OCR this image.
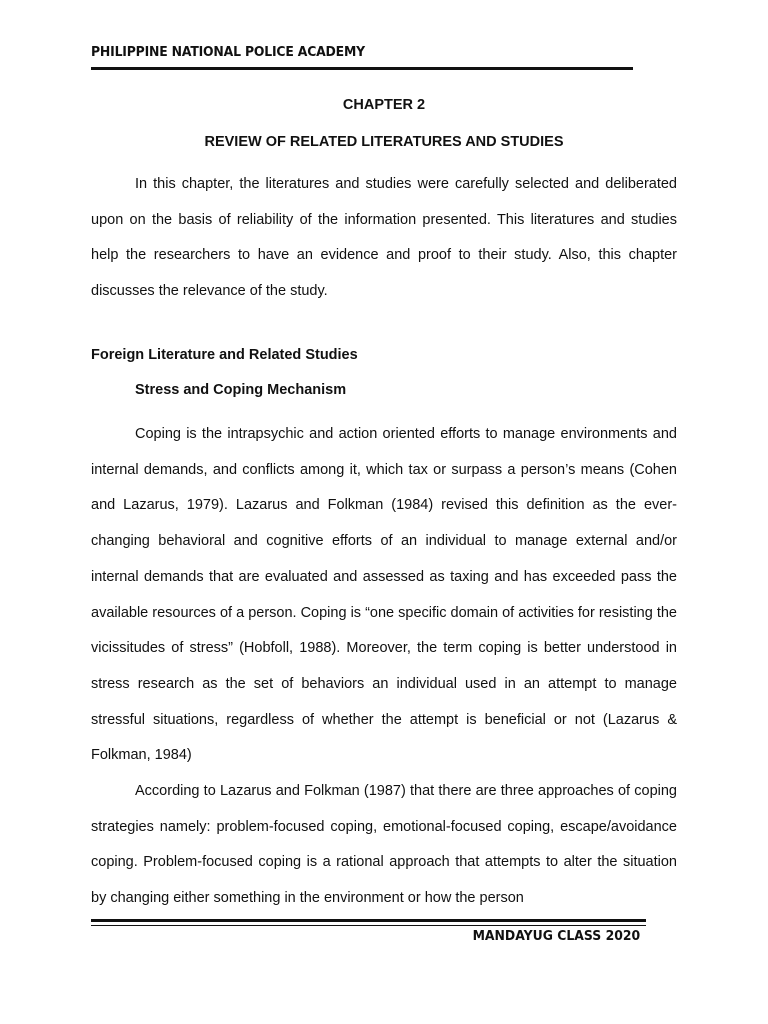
PHILIPPINE NATIONAL POLICE ACADEMY
CHAPTER 2
REVIEW OF RELATED LITERATURES AND STUDIES
In this chapter, the literatures and studies were carefully selected and deliberated upon on the basis of reliability of the information presented. This literatures and studies help the researchers to have an evidence and proof to their study. Also, this chapter discusses the relevance of the study.
Foreign Literature and Related Studies
Stress and Coping Mechanism
Coping is the intrapsychic and action oriented efforts to manage environments and internal demands, and conflicts among it, which tax or surpass a person’s means (Cohen and Lazarus, 1979). Lazarus and Folkman (1984) revised this definition as the ever-changing behavioral and cognitive efforts of an individual to manage external and/or internal demands that are evaluated and assessed as taxing and has exceeded pass the available resources of a person. Coping is “one specific domain of activities for resisting the vicissitudes of stress” (Hobfoll, 1988). Moreover, the term coping is better understood in stress research as the set of behaviors an individual used in an attempt to manage stressful situations, regardless of whether the attempt is beneficial or not (Lazarus & Folkman, 1984)
According to Lazarus and Folkman (1987) that there are three approaches of coping strategies namely: problem-focused coping, emotional-focused coping, escape/avoidance coping. Problem-focused coping is a rational approach that attempts to alter the situation by changing either something in the environment or how the person
MANDAYUG CLASS 2020
